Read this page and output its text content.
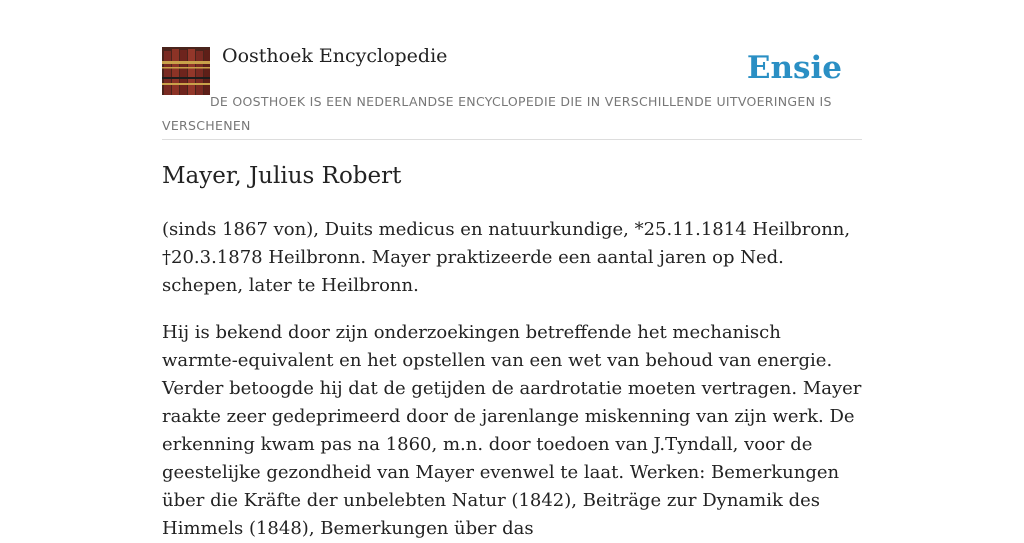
Oosthoek Encyclopedie	Ensie
DE OOSTHOEK IS EEN NEDERLANDSE ENCYCLOPEDIE DIE IN VERSCHILLENDE UITVOERINGEN IS VERSCHENEN
Mayer, Julius Robert

(sinds 1867 von), Duits medicus en natuurkundige, *25.11.1814 Heilbronn, †20.3.1878 Heilbronn. Mayer praktizeerde een aantal jaren op Ned. schepen, later te Heilbronn.

Hij is bekend door zijn onderzoekingen betreffende het mechanisch warmte-equivalent en het opstellen van een wet van behoud van energie. Verder betoogde hij dat de getijden de aardrotatie moeten vertragen. Mayer raakte zeer gedeprimeerd door de jarenlange miskenning van zijn werk. De erkenning kwam pas na 1860, m.n. door toedoen van J.Tyndall, voor de geestelijke gezondheid van Mayer evenwel te laat. Werken: Bemerkungen über die Kräfte der unbelebten Natur (1842), Beiträge zur Dynamik des Himmels (1848), Bemerkungen über das
